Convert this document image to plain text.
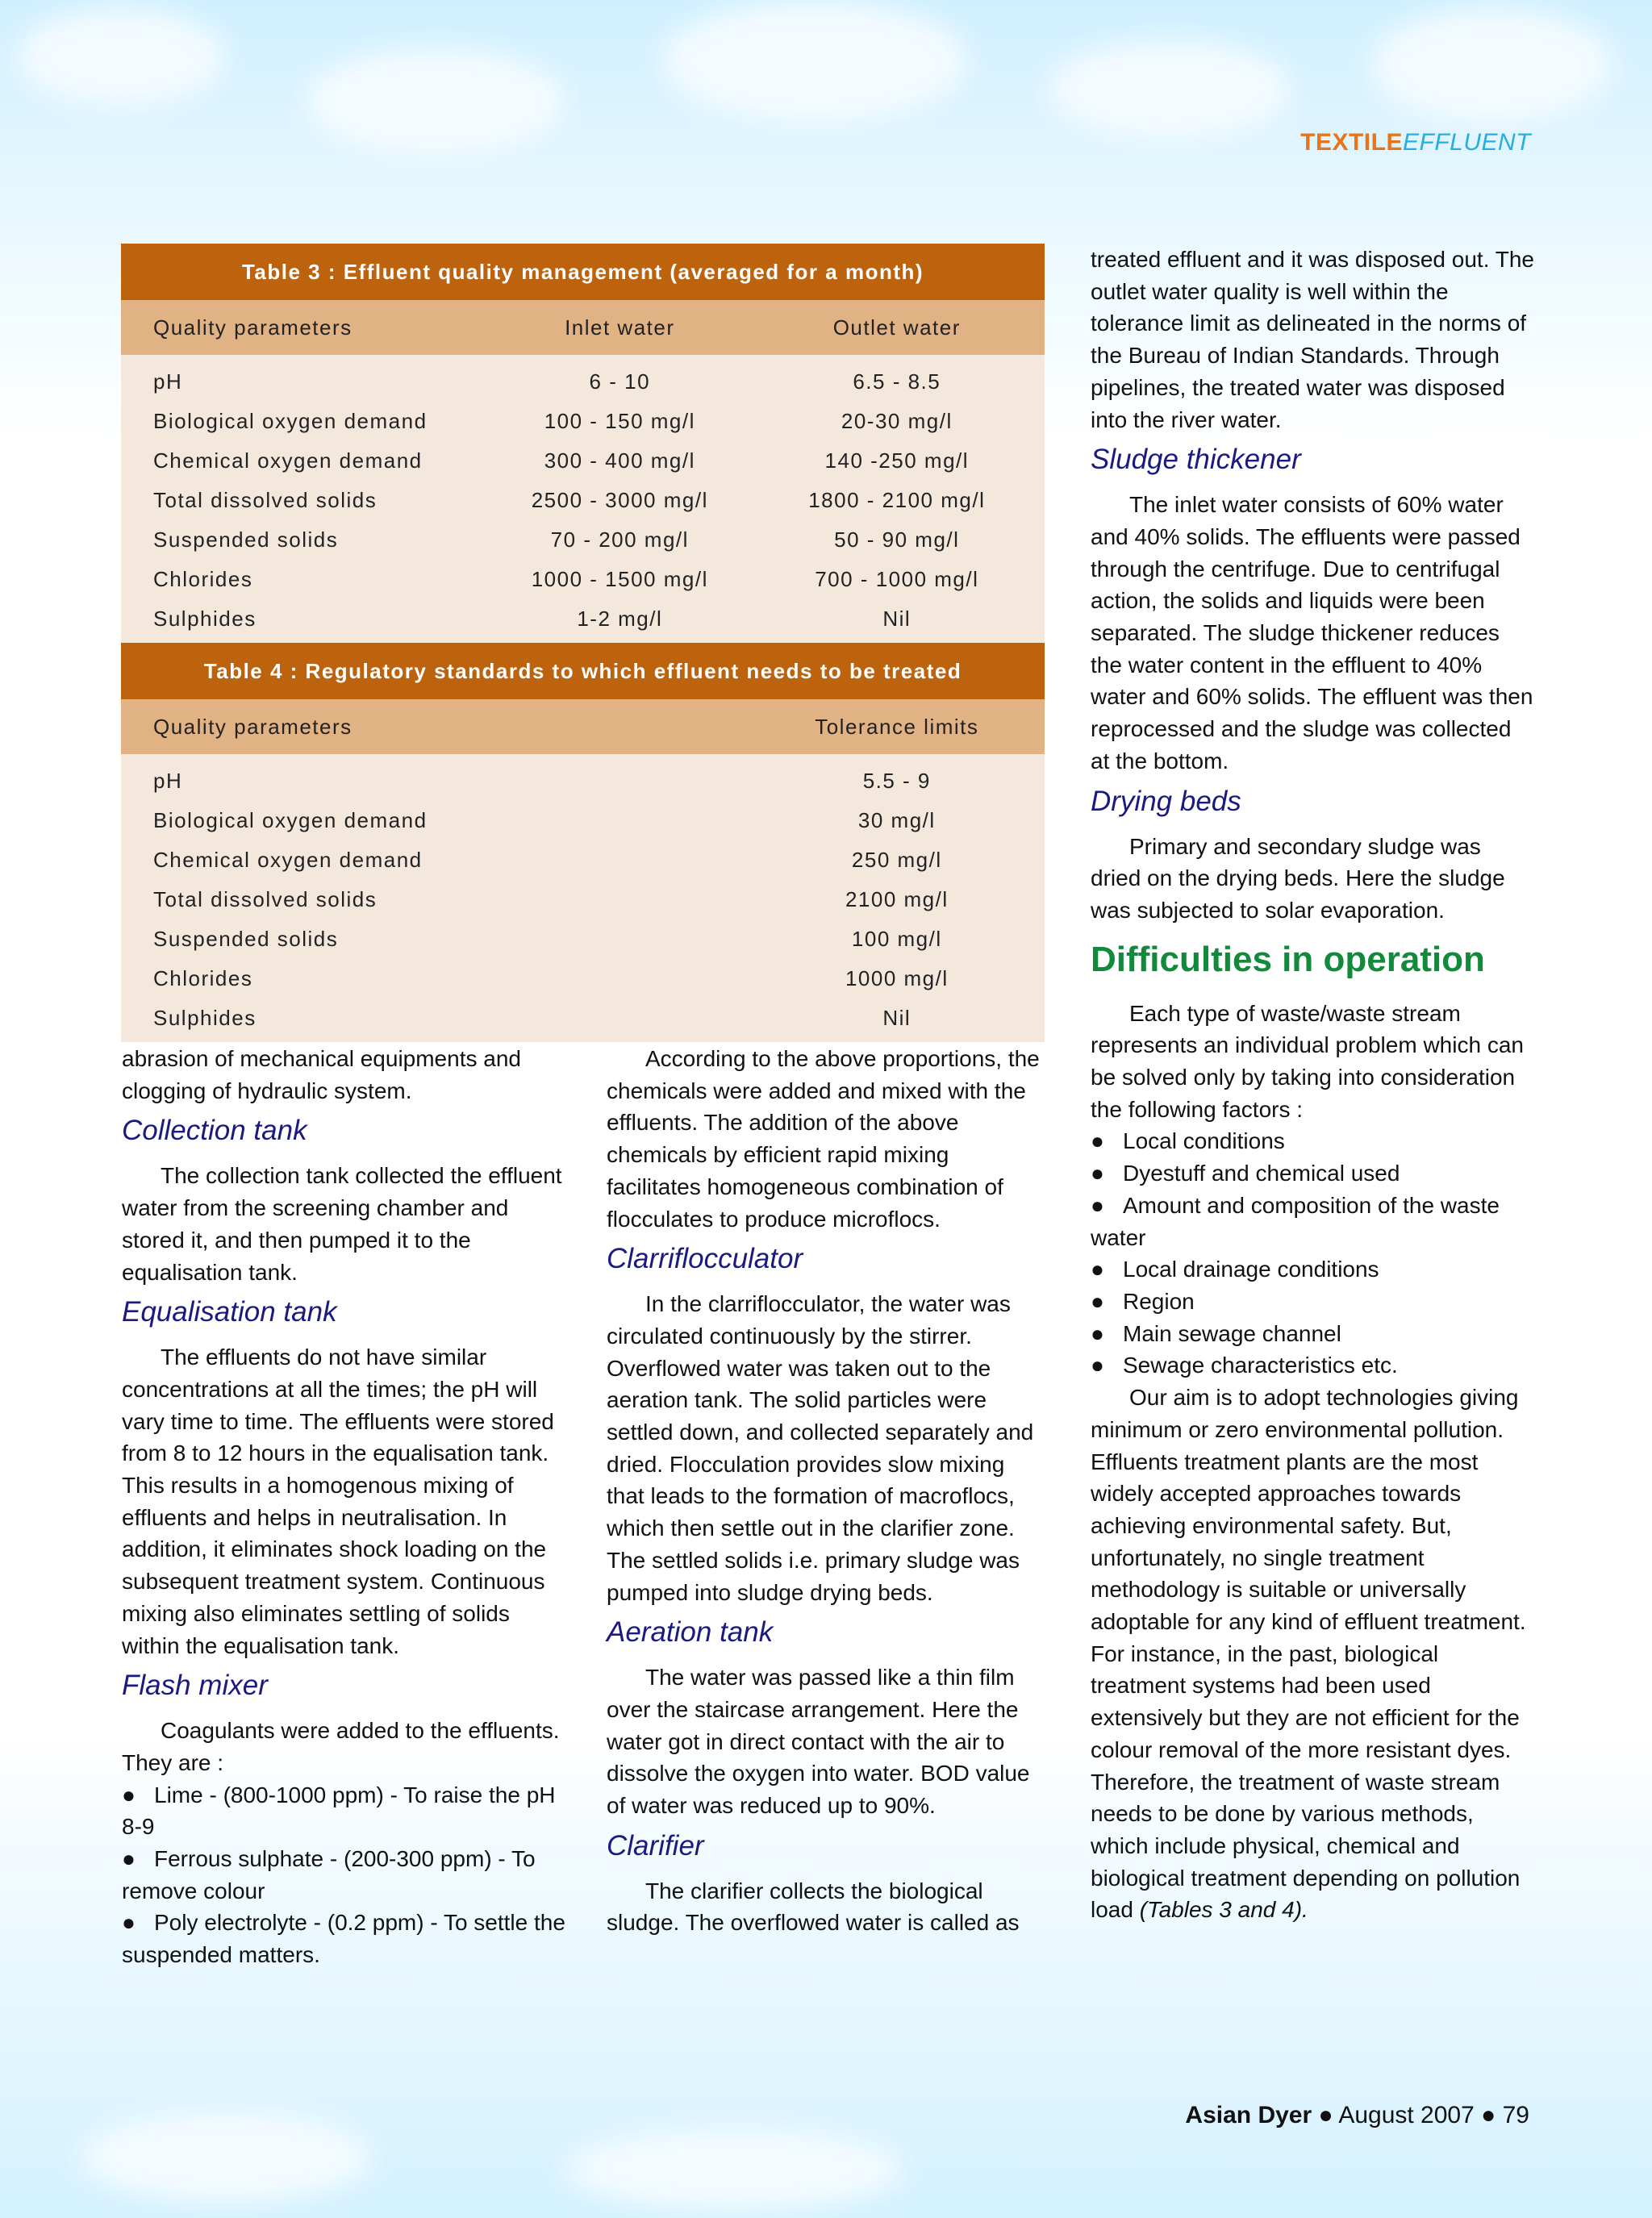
TEXTILEEFFLUENT
Table 3 : Effluent quality management (averaged for a month)		
Quality parameters	Inlet water	Outlet water
pH	6 - 10	6.5 - 8.5
Biological oxygen demand	100 - 150 mg/l	20-30 mg/l
Chemical oxygen demand	300 - 400 mg/l	140 -250 mg/l
Total dissolved solids	2500 - 3000 mg/l	1800 - 2100 mg/l
Suspended solids	70 - 200 mg/l	50 - 90 mg/l
Chlorides	1000 - 1500 mg/l	700 - 1000 mg/l
Sulphides	1-2 mg/l	Nil
Table 4 : Regulatory standards to which effluent needs to be treated	
Quality parameters	Tolerance limits
pH	5.5 - 9
Biological oxygen demand	30 mg/l
Chemical oxygen demand	250 mg/l
Total dissolved solids	2100 mg/l
Suspended solids	100 mg/l
Chlorides	1000 mg/l
Sulphides	Nil

abrasion of mechanical equipments and clogging of hydraulic system.

Collection tank

The collection tank collected the effluent water from the screening chamber and stored it, and then pumped it to the equalisation tank.

Equalisation tank

The effluents do not have similar concentrations at all the times; the pH will vary time to time. The effluents were stored from 8 to 12 hours in the equalisation tank. This results in a homogenous mixing of effluents and helps in neutralisation. In addition, it eliminates shock loading on the subsequent treatment system. Continuous mixing also eliminates settling of solids within the equalisation tank.

Flash mixer

Coagulants were added to the effluents. They are :

● Lime - (800-1000 ppm) - To raise the pH 8-9

● Ferrous sulphate - (200-300 ppm) - To remove colour

● Poly electrolyte - (0.2 ppm) - To settle the suspended matters.

According to the above proportions, the chemicals were added and mixed with the effluents. The addition of the above chemicals by efficient rapid mixing facilitates homogeneous combination of flocculates to produce microflocs.

Clarriflocculator

In the clarriflocculator, the water was circulated continuously by the stirrer. Overflowed water was taken out to the aeration tank. The solid particles were settled down, and collected separately and dried. Flocculation provides slow mixing that leads to the formation of macroflocs, which then settle out in the clarifier zone. The settled solids i.e. primary sludge was pumped into sludge drying beds.

Aeration tank

The water was passed like a thin film over the staircase arrangement. Here the water got in direct contact with the air to dissolve the oxygen into water. BOD value of water was reduced up to 90%.

Clarifier

The clarifier collects the biological sludge. The overflowed water is called as

treated effluent and it was disposed out. The outlet water quality is well within the tolerance limit as delineated in the norms of the Bureau of Indian Standards. Through pipelines, the treated water was disposed into the river water.

Sludge thickener

The inlet water consists of 60% water and 40% solids. The effluents were passed through the centrifuge. Due to centrifugal action, the solids and liquids were been separated. The sludge thickener reduces the water content in the effluent to 40% water and 60% solids. The effluent was then reprocessed and the sludge was collected at the bottom.

Drying beds

Primary and secondary sludge was dried on the drying beds. Here the sludge was subjected to solar evaporation.

Difficulties in operation

Each type of waste/waste stream represents an individual problem which can be solved only by taking into consideration the following factors :

● Local conditions

● Dyestuff and chemical used

● Amount and composition of the waste water

● Local drainage conditions

● Region

● Main sewage channel

● Sewage characteristics etc.

Our aim is to adopt technologies giving minimum or zero environmental pollution. Effluents treatment plants are the most widely accepted approaches towards achieving environmental safety. But, unfortunately, no single treatment methodology is suitable or universally adoptable for any kind of effluent treatment. For instance, in the past, biological treatment systems had been used extensively but they are not efficient for the colour removal of the more resistant dyes. Therefore, the treatment of waste stream needs to be done by various methods, which include physical, chemical and biological treatment depending on pollution load (Tables 3 and 4).

Asian Dyer ● August 2007 ● 79
